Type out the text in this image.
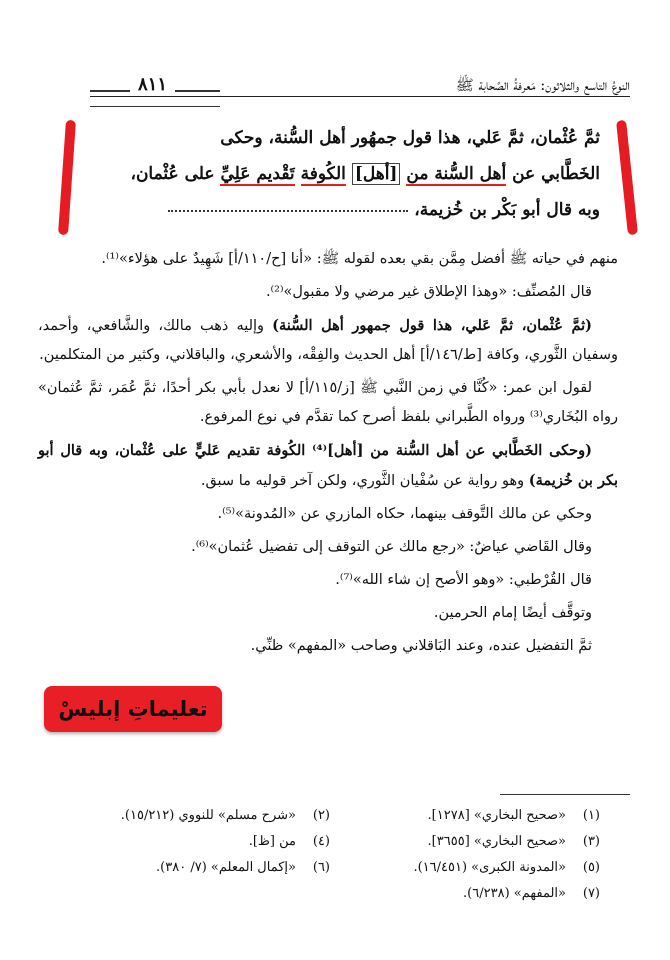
النوعُ التاسع والثلاثون: مَعرفةُ الصَّحابة ﷺ
٨١١

ثمَّ عُثْمان، ثمَّ عَلي، هذا قول جمهُور أهل السُّنة، وحكى

الخَطَّابي عن أهل السُّنة من [أهل] الكُوفة تَقْديم عَلِيِّ على عُثْمان،

وبه قال أبو بَكْر بن خُزيمة،

منهم في حياته ﷺ أفضل مِمَّن بقي بعده لقوله ﷺ: «أنا [ح/١١٠/أ] شَهِيدٌ على هؤلاء»⁽¹⁾.

قال المُصنِّف: «وهذا الإطلاق غير مرضي ولا مقبول»⁽²⁾.

(ثمَّ عُثْمان، ثمَّ عَلي، هذا قول جمهور أهل السُّنة) وإليه ذهب مالك، والشَّافعي، وأحمد، وسفيان الثَّوري، وكافة [ط/١٤٦/أ] أهل الحديث والفِقْه، والأشعري، والباقلاني، وكثير من المتكلمين.

لقول ابن عمر: «كُنَّا في زمن النَّبي ﷺ [ز/١١٥/أ] لا نعدل بأبي بكر أحدًا، ثمَّ عُمَر، ثمَّ عُثمان» رواه البُخَاري⁽³⁾ ورواه الطَّبراني بلفظ أصرح كما تقدَّم في نوع المرفوع.

(وحكى الخَطَّابي عن أهل السُّنة من [أهل]⁽⁴⁾ الكُوفة تقديم عَليٍّ على عُثْمان، وبه قال أبو بكر بن خُزيمة) وهو رواية عن سُفْيان الثَّوري، ولكن آخر قوليه ما سبق.

وحكي عن مالك التَّوقف بينهما، حكاه المازري عن «المُدونة»⁽⁵⁾.

وقال القَاضي عياضٌ: «رجع مالك عن التوقف إلى تفضيل عُثمان»⁽⁶⁾.

قال القُرْطبي: «وهو الأصح إن شاء الله»⁽⁷⁾.

وتوقَّف أيضًا إمام الحرمين.

ثمَّ التفضيل عنده، وعند البَاقلاني وصاحب «المفهم» ظنِّي.

تعليماتِ إبليسْ
(١)«صحيح البخاري» [١٢٧٨].
(٢)«شرح مسلم» للنووي (١٥/٢١٢).
(٣)«صحيح البخاري» [٣٦٥٥].
(٤)من [ظ].
(٥)«المدونة الكبرى» (١٦/٤٥١).
(٦)«إكمال المعلم» (٧/ ٣٨٠).
(٧)«المفهم» (٦/٢٣٨).
